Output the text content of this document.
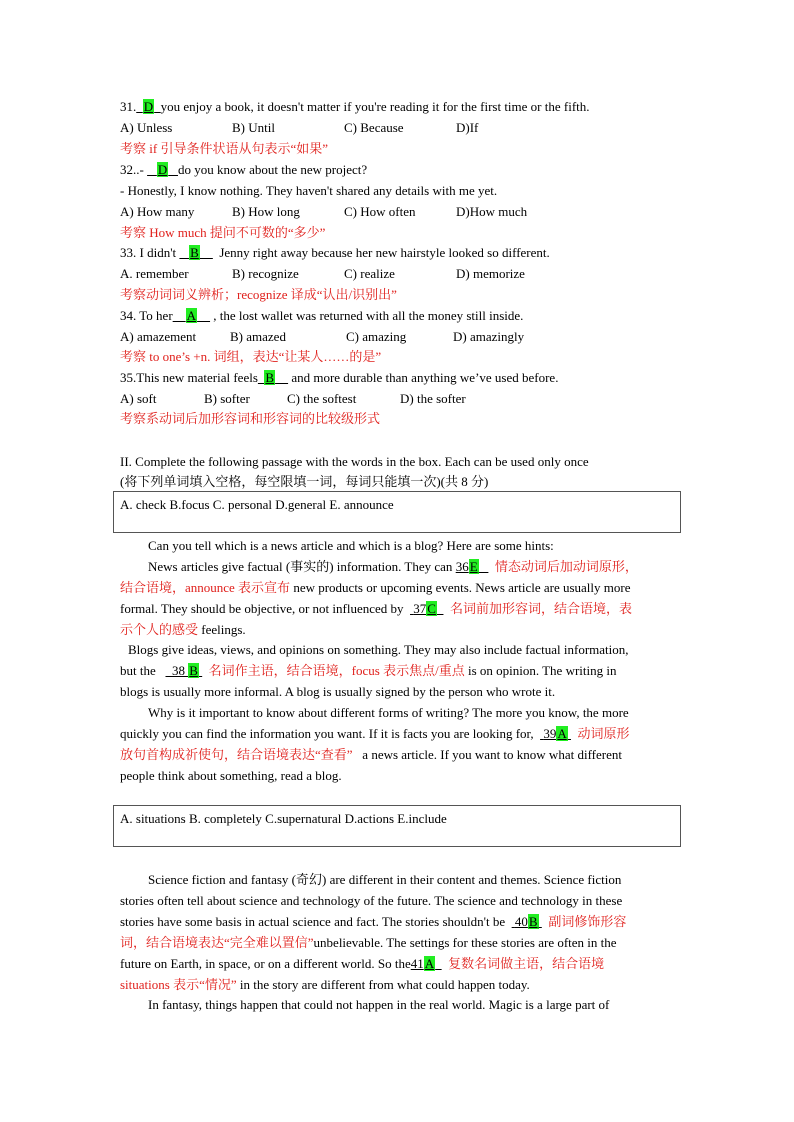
31. D you enjoy a book, it doesn't matter if you're reading it for the first time or the fifth.
A) Unless	B) Until	C) Because	D)If
考察 if 引导条件状语从句表示“如果”
32..- D do you know about the new project?
- Honestly, I know nothing. They haven't shared any details with me yet.
A) How many	B) How long	C) How often	D)How much
考察 How much 提问不可数的“多少”
33. I didn't B Jenny right away because her new hairstyle looked so different.
A. remember	B) recognize	C) realize	D) memorize
考察动词词义辨析；recognize 译成“认出/识别出”
34. To her A , the lost wallet was returned with all the money still inside.
A) amazement	B) amazed	C) amazing	D) amazingly
考察 to one’s +n. 词组，表达“让某人……的是”
35.This new material feels B and more durable than anything we’ve used before.
A) soft	B) softer	C) the softest	D) the softer
考察系动词后加形容词和形容词的比较级形式
II. Complete the following passage with the words in the box. Each can be used only once
(将下列单词填入空格，每空限填一词，每词只能填一次)(共 8 分)
A. check B.focus C. personal D.general E. announce
Can you tell which is a news article and which is a blog? Here are some hints:
News articles give factual (事实的) information. They can 36E 情态动词后加动词原形，
结合语境，announce 表示宣布 new products or upcoming events. News article are usually more
formal. They should be objective, or not influenced by 37C 名词前加形容词，结合语境，表
示个人的感受 feelings.
Blogs give ideas, views, and opinions on something. They may also include factual information,
but the 38 B 名词作主语，结合语境，focus 表示焦点/重点 is on opinion. The writing in
blogs is usually more informal. A blog is usually signed by the person who wrote it.
Why is it important to know about different forms of writing? The more you know, the more
quickly you can find the information you want. If it is facts you are looking for, 39A 动词原形
放句首构成祈使句，结合语境表达“查看” a news article. If you want to know what different
people think about something, read a blog.
A. situations B. completely C.supernatural D.actions E.include
Science fiction and fantasy (奇幻) are different in their content and themes. Science fiction
stories often tell about science and technology of the future. The science and technology in these
stories have some basis in actual science and fact. The stories shouldn't be 40B 副词修饰形容
词，结合语境表达“完全难以置信”unbelievable. The settings for these stories are often in the
future on Earth, in space, or on a different world. So the41A 复数名词做主语，结合语境
situations 表示“情况” in the story are different from what could happen today.
In fantasy, things happen that could not happen in the real world. Magic is a large part of
